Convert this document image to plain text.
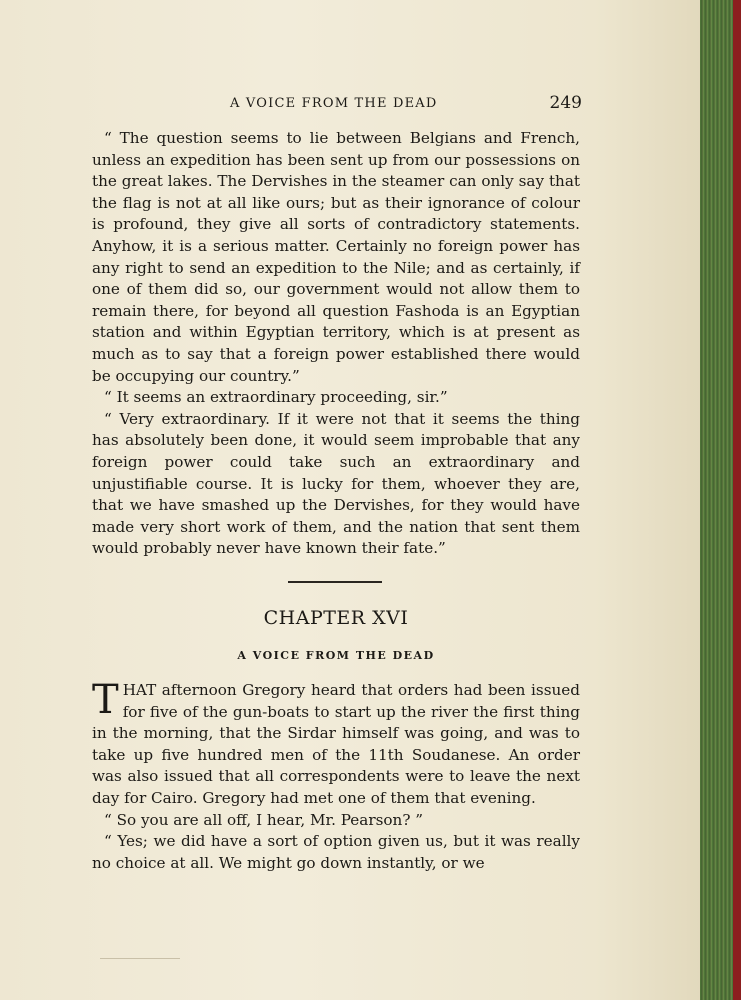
A VOICE FROM THE DEAD	249

“ The question seems to lie between Belgians and French, unless an expedition has been sent up from our possessions on the great lakes. The Dervishes in the steamer can only say that the flag is not at all like ours; but as their ignorance of colour is profound, they give all sorts of contradictory statements. Anyhow, it is a serious matter. Certainly no foreign power has any right to send an expedition to the Nile; and as certainly, if one of them did so, our government would not allow them to remain there, for beyond all question Fashoda is an Egyptian station and within Egyptian territory, which is at present as much as to say that a foreign power established there would be occupying our country.”

“ It seems an extraordinary proceeding, sir.”

“ Very extraordinary. If it were not that it seems the thing has absolutely been done, it would seem improbable that any foreign power could take such an extraordinary and unjustifiable course. It is lucky for them, whoever they are, that we have smashed up the Dervishes, for they would have made very short work of them, and the nation that sent them would probably never have known their fate.”

CHAPTER XVI
A VOICE FROM THE DEAD

THAT afternoon Gregory heard that orders had been issued for five of the gun-boats to start up the river the first thing in the morning, that the Sirdar himself was going, and was to take up five hundred men of the 11th Soudanese. An order was also issued that all correspondents were to leave the next day for Cairo. Gregory had met one of them that evening.

“ So you are all off, I hear, Mr. Pearson? ”

“ Yes; we did have a sort of option given us, but it was really no choice at all. We might go down instantly, or we
